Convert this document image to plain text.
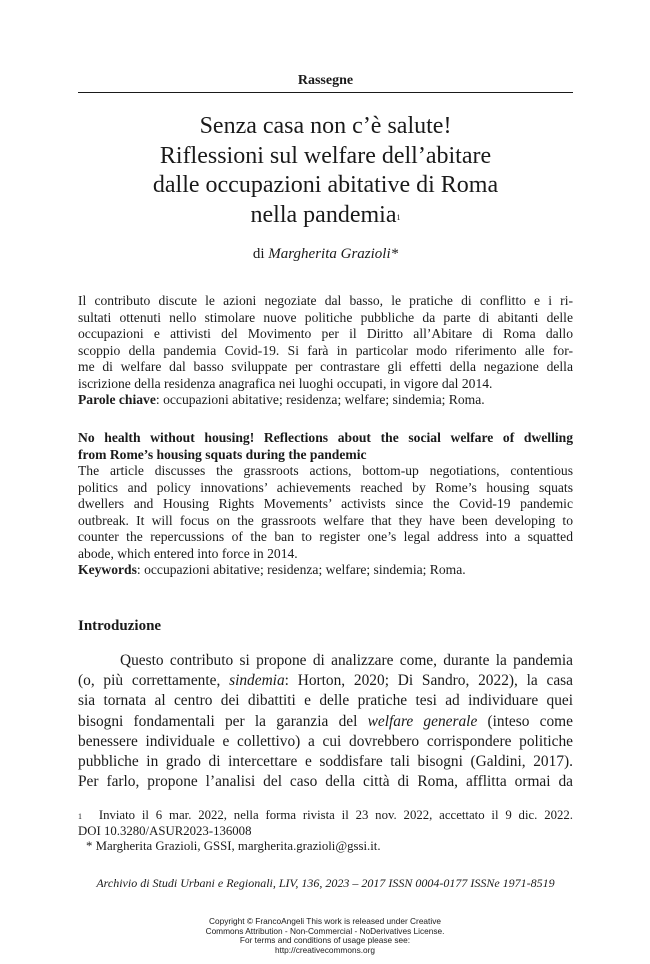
Rassegne
Senza casa non c’è salute!
Riflessioni sul welfare dell’abitare
dalle occupazioni abitative di Roma
nella pandemia$^1$
di Margherita Grazioli*
Il contributo discute le azioni negoziate dal basso, le pratiche di conflitto e i ri-
sultati ottenuti nello stimolare nuove politiche pubbliche da parte di abitanti delle
occupazioni e attivisti del Movimento per il Diritto all’Abitare di Roma dallo
scoppio della pandemia Covid-19. Si farà in particolar modo riferimento alle for-
me di welfare dal basso sviluppate per contrastare gli effetti della negazione della
iscrizione della residenza anagrafica nei luoghi occupati, in vigore dal 2014.
Parole chiave: occupazioni abitative; residenza; welfare; sindemia; Roma.
No health without housing! Reflections about the social welfare of dwelling
from Rome’s housing squats during the pandemic
The article discusses the grassroots actions, bottom-up negotiations, contentious
politics and policy innovations’ achievements reached by Rome’s housing squats
dwellers and Housing Rights Movements’ activists since the Covid-19 pandemic
outbreak. It will focus on the grassroots welfare that they have been developing to
counter the repercussions of the ban to register one’s legal address into a squatted
abode, which entered into force in 2014.
Keywords: occupazioni abitative; residenza; welfare; sindemia; Roma.
Introduzione
Questo contributo si propone di analizzare come, durante la pandemia
(o, più correttamente, sindemia: Horton, 2020; Di Sandro, 2022), la casa
sia tornata al centro dei dibattiti e delle pratiche tesi ad individuare quei
bisogni fondamentali per la garanzia del welfare generale (inteso come
benessere individuale e collettivo) a cui dovrebbero corrispondere politiche
pubbliche in grado di intercettare e soddisfare tali bisogni (Galdini, 2017).
Per farlo, propone l’analisi del caso della città di Roma, afflitta ormai da
$^1$ Inviato il 6 mar. 2022, nella forma rivista il 23 nov. 2022, accettato il 9 dic. 2022.
DOI 10.3280/ASUR2023-136008
* Margherita Grazioli, GSSI, margherita.grazioli@gssi.it.
Archivio di Studi Urbani e Regionali, LIV, 136, 2023 – 2017 ISSN 0004-0177 ISSNe 1971-8519
Copyright © FrancoAngeli This work is released under Creative
Commons Attribution - Non-Commercial - NoDerivatives License.
For terms and conditions of usage please see:
http://creativecommons.org
